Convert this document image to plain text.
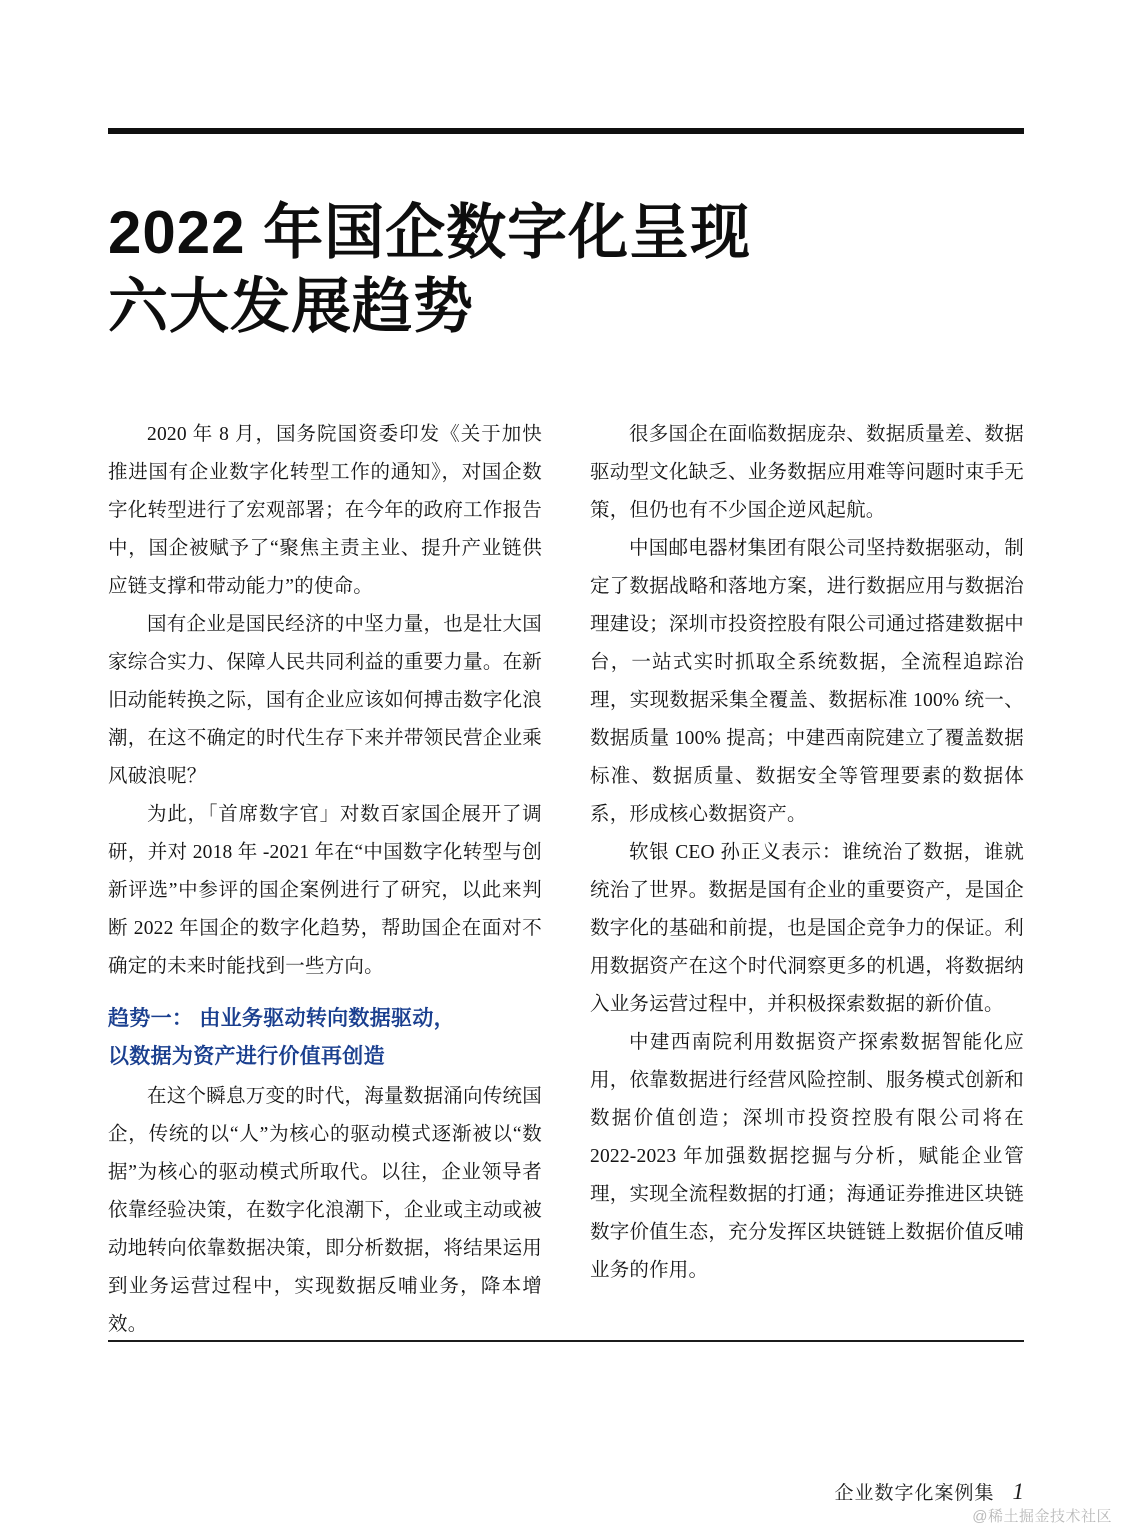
2022 年国企数字化呈现
六大发展趋势

2020 年 8 月，国务院国资委印发《关于加快推进国有企业数字化转型工作的通知》，对国企数字化转型进行了宏观部署；在今年的政府工作报告中，国企被赋予了“聚焦主责主业、提升产业链供应链支撑和带动能力”的使命。

国有企业是国民经济的中坚力量，也是壮大国家综合实力、保障人民共同利益的重要力量。在新旧动能转换之际，国有企业应该如何搏击数字化浪潮，在这不确定的时代生存下来并带领民营企业乘风破浪呢？

为此，「首席数字官」对数百家国企展开了调研，并对 2018 年 -2021 年在“中国数字化转型与创新评选”中参评的国企案例进行了研究，以此来判断 2022 年国企的数字化趋势，帮助国企在面对不确定的未来时能找到一些方向。

趋势一： 由业务驱动转向数据驱动，
以数据为资产进行价值再创造

在这个瞬息万变的时代，海量数据涌向传统国企，传统的以“人”为核心的驱动模式逐渐被以“数据”为核心的驱动模式所取代。以往，企业领导者依靠经验决策，在数字化浪潮下，企业或主动或被动地转向依靠数据决策，即分析数据，将结果运用到业务运营过程中，实现数据反哺业务，降本增效。

很多国企在面临数据庞杂、数据质量差、数据驱动型文化缺乏、业务数据应用难等问题时束手无策，但仍也有不少国企逆风起航。

中国邮电器材集团有限公司坚持数据驱动，制定了数据战略和落地方案，进行数据应用与数据治理建设；深圳市投资控股有限公司通过搭建数据中台，一站式实时抓取全系统数据，全流程追踪治理，实现数据采集全覆盖、数据标准 100% 统一、数据质量 100% 提高；中建西南院建立了覆盖数据标准、数据质量、数据安全等管理要素的数据体系，形成核心数据资产。

软银 CEO 孙正义表示：谁统治了数据，谁就统治了世界。数据是国有企业的重要资产，是国企数字化的基础和前提，也是国企竞争力的保证。利用数据资产在这个时代洞察更多的机遇，将数据纳入业务运营过程中，并积极探索数据的新价值。

中建西南院利用数据资产探索数据智能化应用，依靠数据进行经营风险控制、服务模式创新和数据价值创造；深圳市投资控股有限公司将在 2022-2023 年加强数据挖掘与分析，赋能企业管理，实现全流程数据的打通；海通证券推进区块链数字价值生态，充分发挥区块链链上数据价值反哺业务的作用。

企业数字化案例集 1
@稀土掘金技术社区
